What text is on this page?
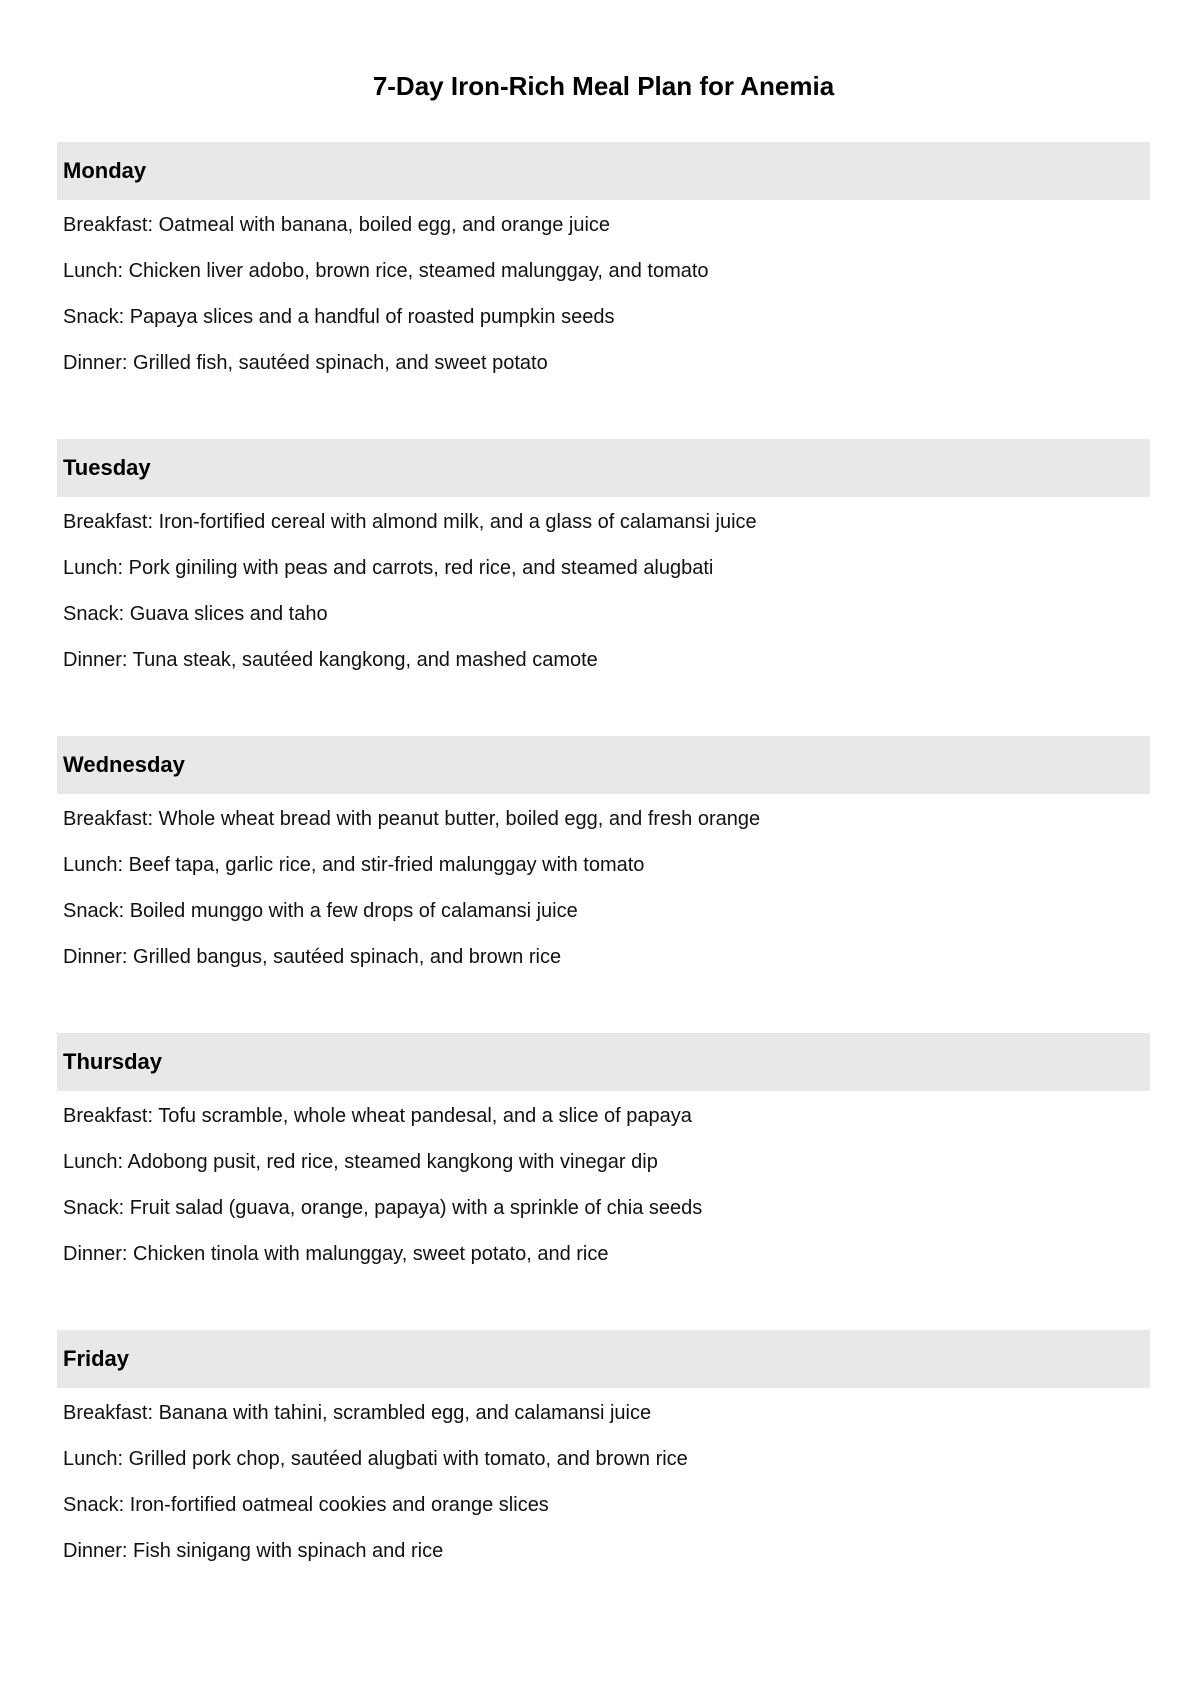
7-Day Iron-Rich Meal Plan for Anemia
Monday
Breakfast: Oatmeal with banana, boiled egg, and orange juice
Lunch: Chicken liver adobo, brown rice, steamed malunggay, and tomato
Snack: Papaya slices and a handful of roasted pumpkin seeds
Dinner: Grilled fish, sautéed spinach, and sweet potato
Tuesday
Breakfast: Iron-fortified cereal with almond milk, and a glass of calamansi juice
Lunch: Pork giniling with peas and carrots, red rice, and steamed alugbati
Snack: Guava slices and taho
Dinner: Tuna steak, sautéed kangkong, and mashed camote
Wednesday
Breakfast: Whole wheat bread with peanut butter, boiled egg, and fresh orange
Lunch: Beef tapa, garlic rice, and stir-fried malunggay with tomato
Snack: Boiled munggo with a few drops of calamansi juice
Dinner: Grilled bangus, sautéed spinach, and brown rice
Thursday
Breakfast: Tofu scramble, whole wheat pandesal, and a slice of papaya
Lunch: Adobong pusit, red rice, steamed kangkong with vinegar dip
Snack: Fruit salad (guava, orange, papaya) with a sprinkle of chia seeds
Dinner: Chicken tinola with malunggay, sweet potato, and rice
Friday
Breakfast: Banana with tahini, scrambled egg, and calamansi juice
Lunch: Grilled pork chop, sautéed alugbati with tomato, and brown rice
Snack: Iron-fortified oatmeal cookies and orange slices
Dinner: Fish sinigang with spinach and rice
